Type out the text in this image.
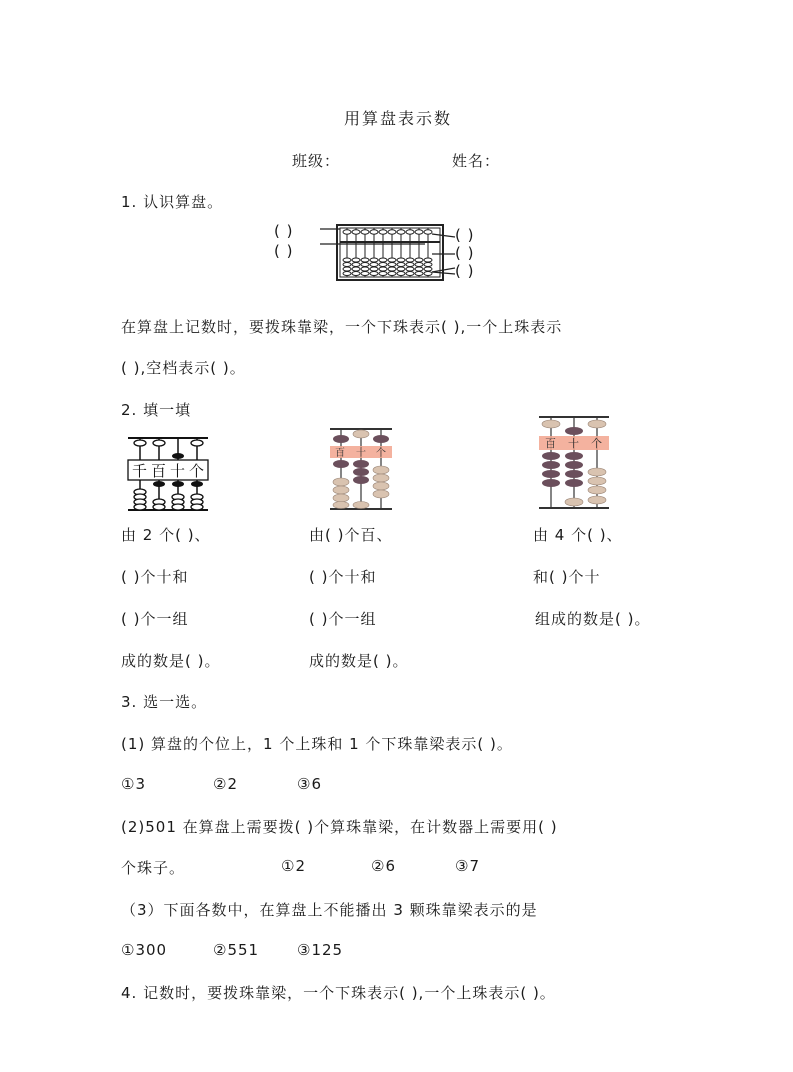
用算盘表示数
班级：	姓名：
1. 认识算盘。
( )
( )
( )
( )
( )
在算盘上记数时，要拨珠靠梁，一个下珠表示( ),一个上珠表示
( ),空档表示( )。
2. 填一填
千 百 十 个
百 十 个
百 十 个
由 2 个( )、
( )个十和
( )个一组
成的数是( )。
由( )个百、
( )个十和
( )个一组
成的数是( )。
由 4 个( )、
和( )个十
组成的数是( )。
3. 选一选。
(1) 算盘的个位上，1 个上珠和 1 个下珠靠梁表示( )。
①3	②2	③6
(2)501 在算盘上需要拨( )个算珠靠梁，在计数器上需要用( )
个珠子。	①2	②6	③7
（3）下面各数中，在算盘上不能播出 3 颗珠靠梁表示的是
①300	②551	③125
4. 记数时，要拨珠靠梁，一个下珠表示( ),一个上珠表示( )。
